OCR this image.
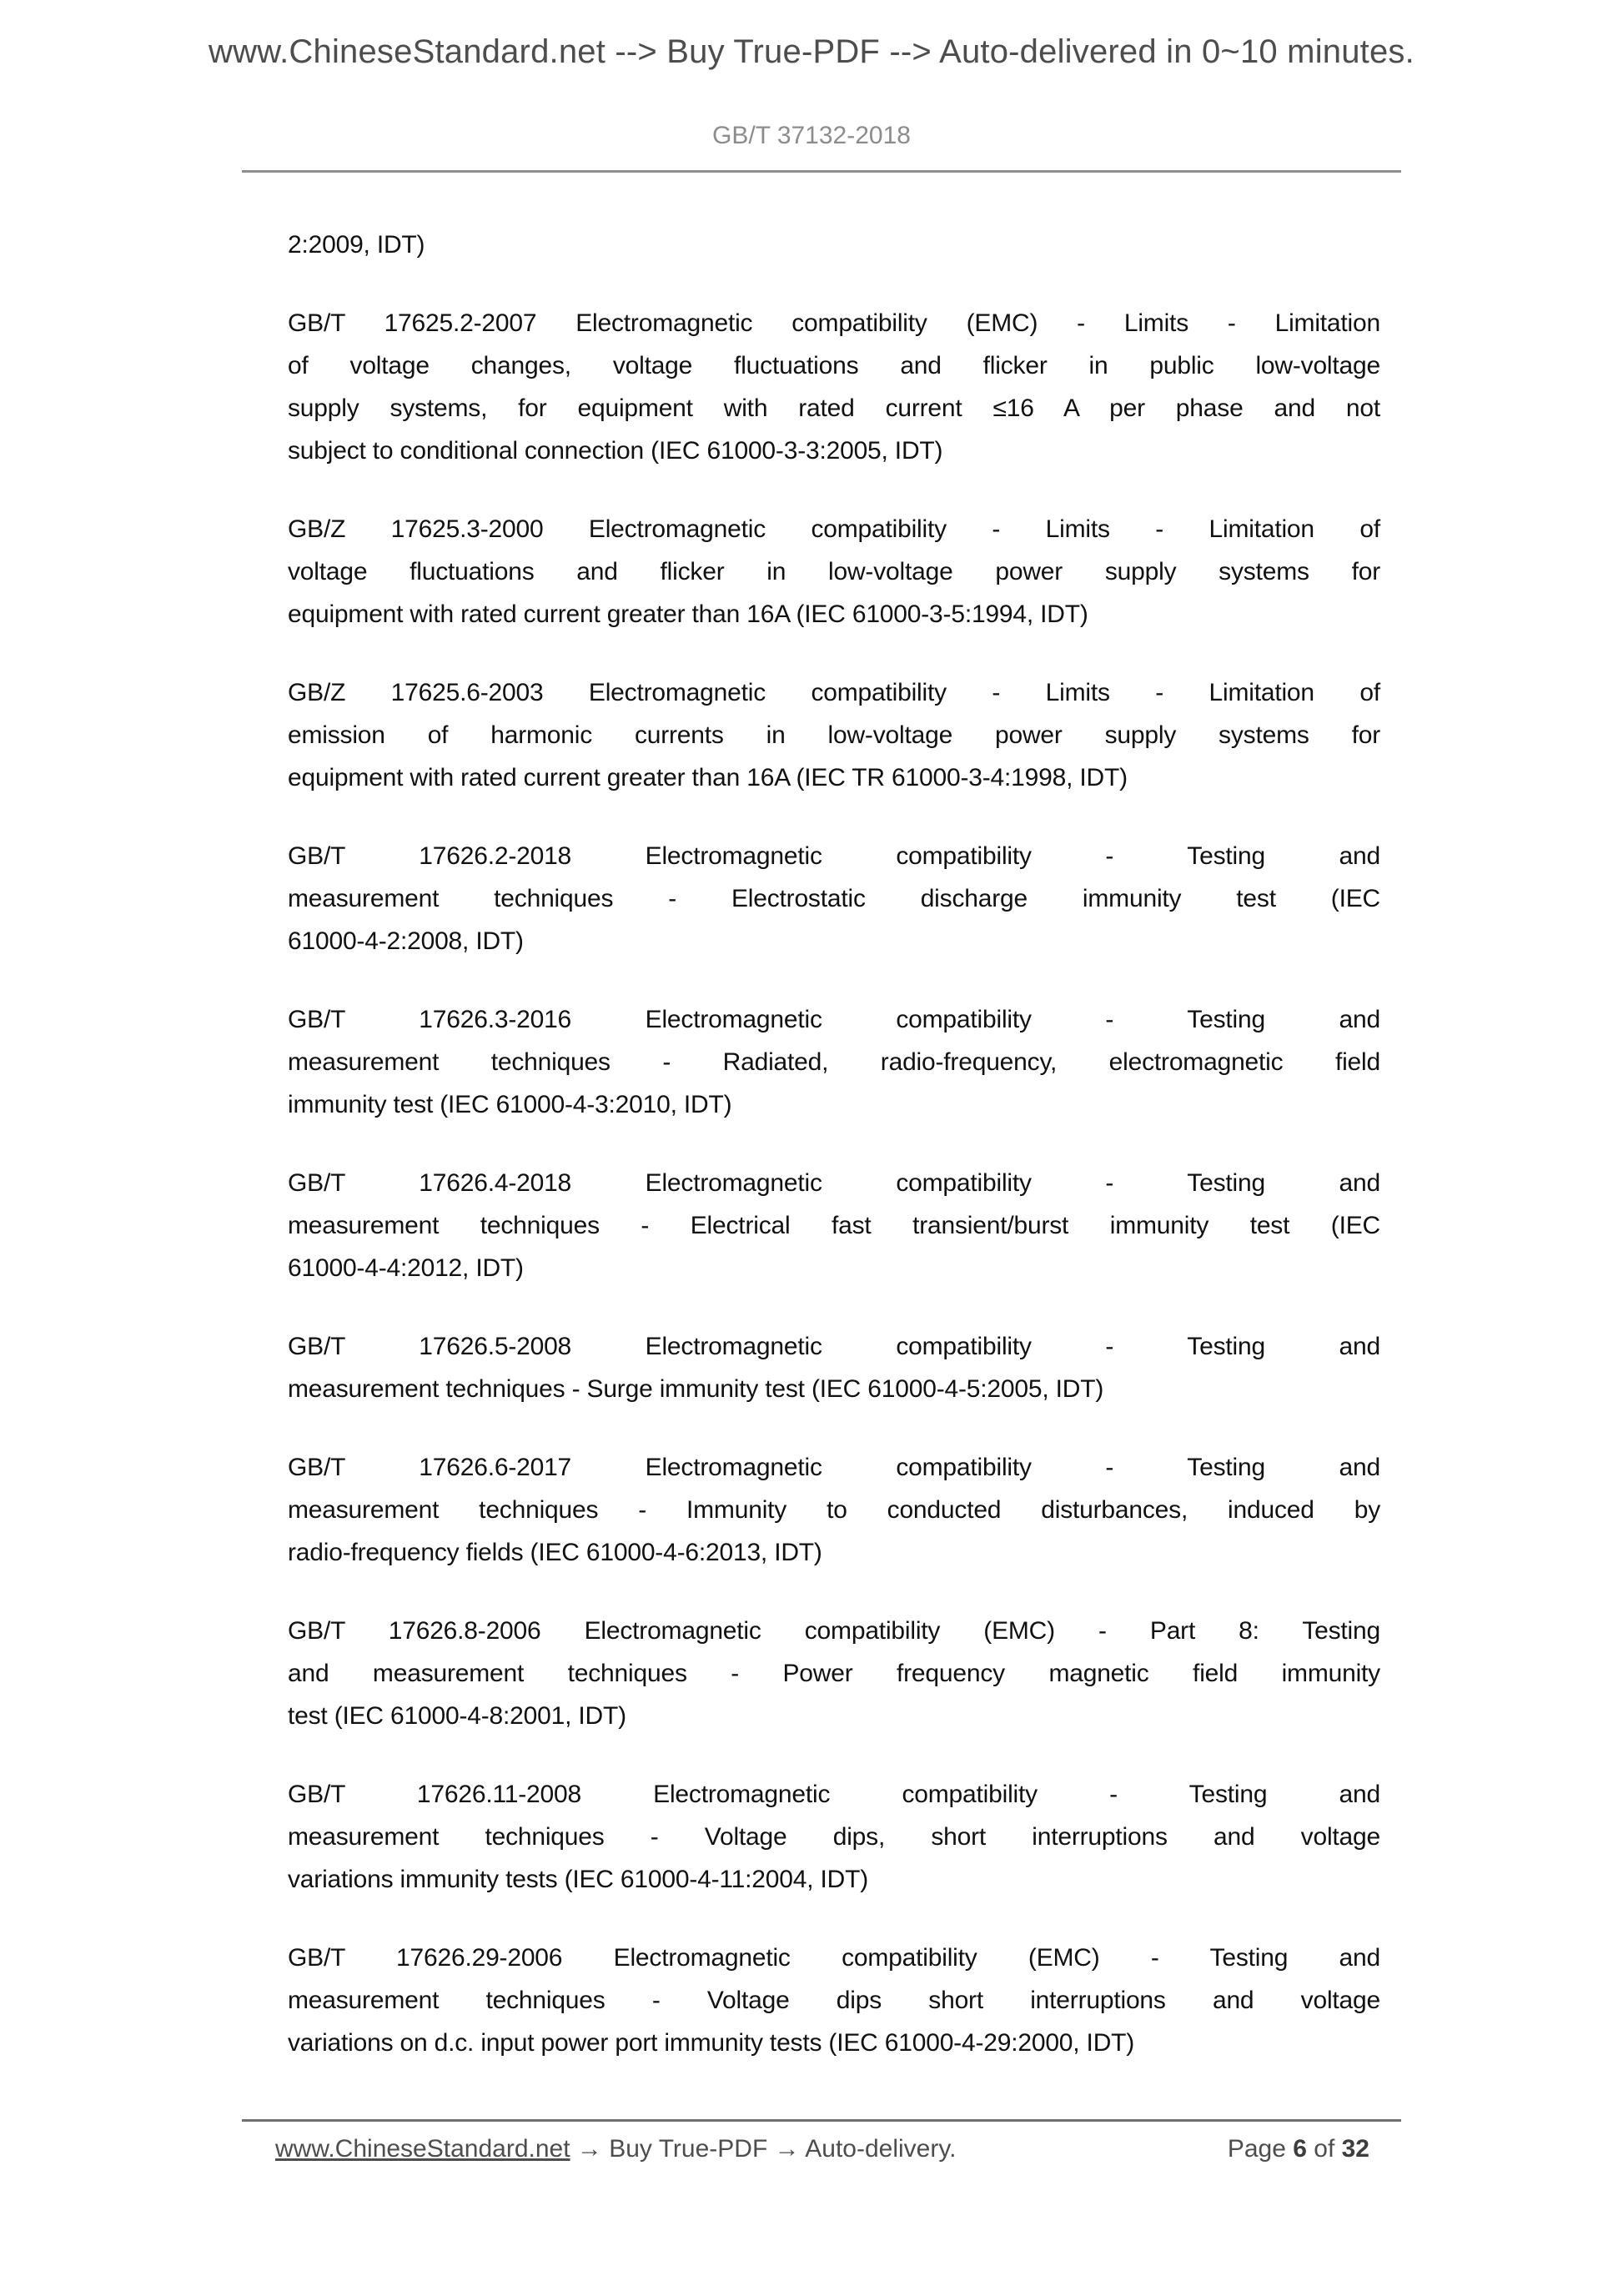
www.ChineseStandard.net --> Buy True-PDF --> Auto-delivered in 0~10 minutes.
GB/T 37132-2018
2:2009, IDT)
GB/T 17625.2-2007 Electromagnetic compatibility (EMC) - Limits - Limitation
of voltage changes, voltage fluctuations and flicker in public low-voltage
supply systems, for equipment with rated current ≤16 A per phase and not
subject to conditional connection (IEC 61000-3-3:2005, IDT)
GB/Z 17625.3-2000 Electromagnetic compatibility - Limits - Limitation of
voltage fluctuations and flicker in low-voltage power supply systems for
equipment with rated current greater than 16A (IEC 61000-3-5:1994, IDT)
GB/Z 17625.6-2003 Electromagnetic compatibility - Limits - Limitation of
emission of harmonic currents in low-voltage power supply systems for
equipment with rated current greater than 16A (IEC TR 61000-3-4:1998, IDT)
GB/T 17626.2-2018 Electromagnetic compatibility - Testing and
measurement techniques - Electrostatic discharge immunity test (IEC
61000-4-2:2008, IDT)
GB/T 17626.3-2016 Electromagnetic compatibility - Testing and
measurement techniques - Radiated, radio-frequency, electromagnetic field
immunity test (IEC 61000-4-3:2010, IDT)
GB/T 17626.4-2018 Electromagnetic compatibility - Testing and
measurement techniques - Electrical fast transient/burst immunity test (IEC
61000-4-4:2012, IDT)
GB/T 17626.5-2008 Electromagnetic compatibility - Testing and
measurement techniques - Surge immunity test (IEC 61000-4-5:2005, IDT)
GB/T 17626.6-2017 Electromagnetic compatibility - Testing and
measurement techniques - Immunity to conducted disturbances, induced by
radio-frequency fields (IEC 61000-4-6:2013, IDT)
GB/T 17626.8-2006 Electromagnetic compatibility (EMC) - Part 8: Testing
and measurement techniques - Power frequency magnetic field immunity
test (IEC 61000-4-8:2001, IDT)
GB/T 17626.11-2008 Electromagnetic compatibility - Testing and
measurement techniques - Voltage dips, short interruptions and voltage
variations immunity tests (IEC 61000-4-11:2004, IDT)
GB/T 17626.29-2006 Electromagnetic compatibility (EMC) - Testing and
measurement techniques - Voltage dips short interruptions and voltage
variations on d.c. input power port immunity tests (IEC 61000-4-29:2000, IDT)
www.ChineseStandard.net → Buy True-PDF → Auto-delivery.	Page 6 of 32
